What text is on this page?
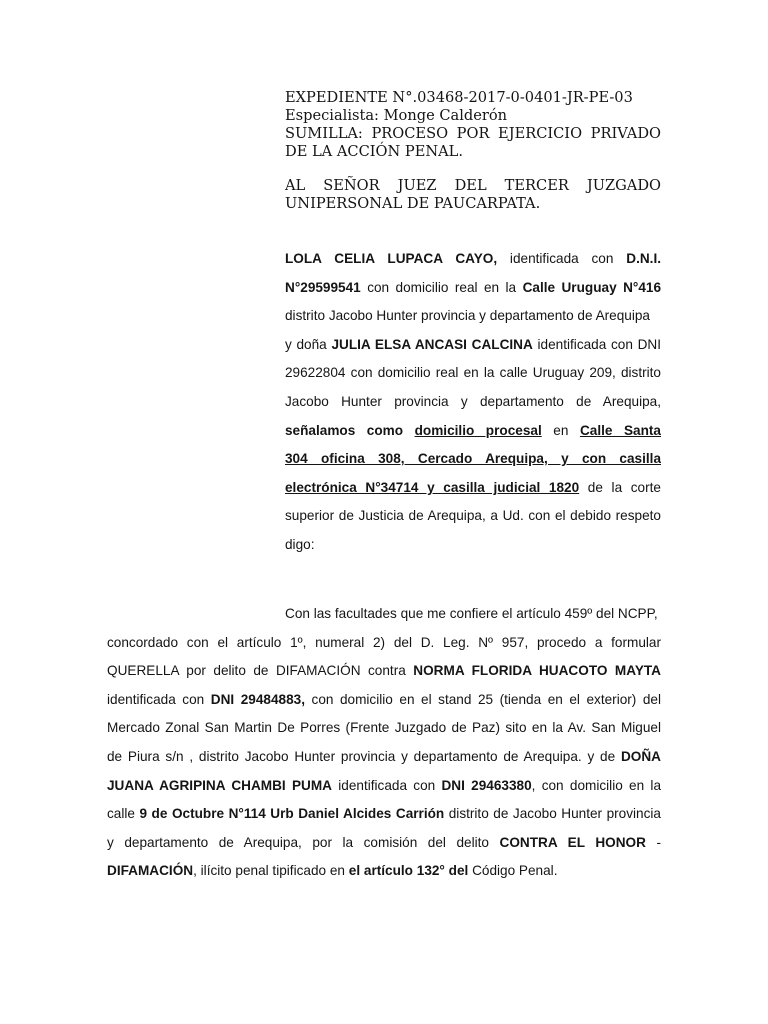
EXPEDIENTE N°.03468-2017-0-0401-JR-PE-03
Especialista: Monge Calderón
SUMILLA: PROCESO POR EJERCICIO PRIVADO
DE LA ACCIÓN PENAL.
AL SEÑOR JUEZ DEL TERCER JUZGADO
UNIPERSONAL DE PAUCARPATA.
LOLA CELIA LUPACA CAYO, identificada con D.N.I.
N°29599541 con domicilio real en la Calle Uruguay N°416
distrito Jacobo Hunter provincia y departamento de Arequipa
y doña JULIA ELSA ANCASI CALCINA identificada con DNI
29622804 con domicilio real en la calle Uruguay 209, distrito
Jacobo Hunter provincia y departamento de Arequipa,
señalamos como domicilio procesal en Calle Santa
304 oficina 308, Cercado Arequipa, y con casilla
electrónica N°34714 y casilla judicial 1820 de la corte
superior de Justicia de Arequipa, a Ud. con el debido respeto
digo:
Con las facultades que me confiere el artículo 459º del NCPP,
concordado con el artículo 1º, numeral 2) del D. Leg. Nº 957, procedo a formular
QUERELLA por delito de DIFAMACIÓN contra NORMA FLORIDA HUACOTO MAYTA
identificada con DNI 29484883, con domicilio en el stand 25 (tienda en el exterior) del
Mercado Zonal San Martin De Porres (Frente Juzgado de Paz) sito en la Av. San Miguel
de Piura s/n , distrito Jacobo Hunter provincia y departamento de Arequipa. y de DOÑA
JUANA AGRIPINA CHAMBI PUMA identificada con DNI 29463380, con domicilio en la
calle 9 de Octubre N°114 Urb Daniel Alcides Carrión distrito de Jacobo Hunter provincia
y departamento de Arequipa, por la comisión del delito CONTRA EL HONOR -
DIFAMACIÓN, ilícito penal tipificado en el artículo 132° del Código Penal.
